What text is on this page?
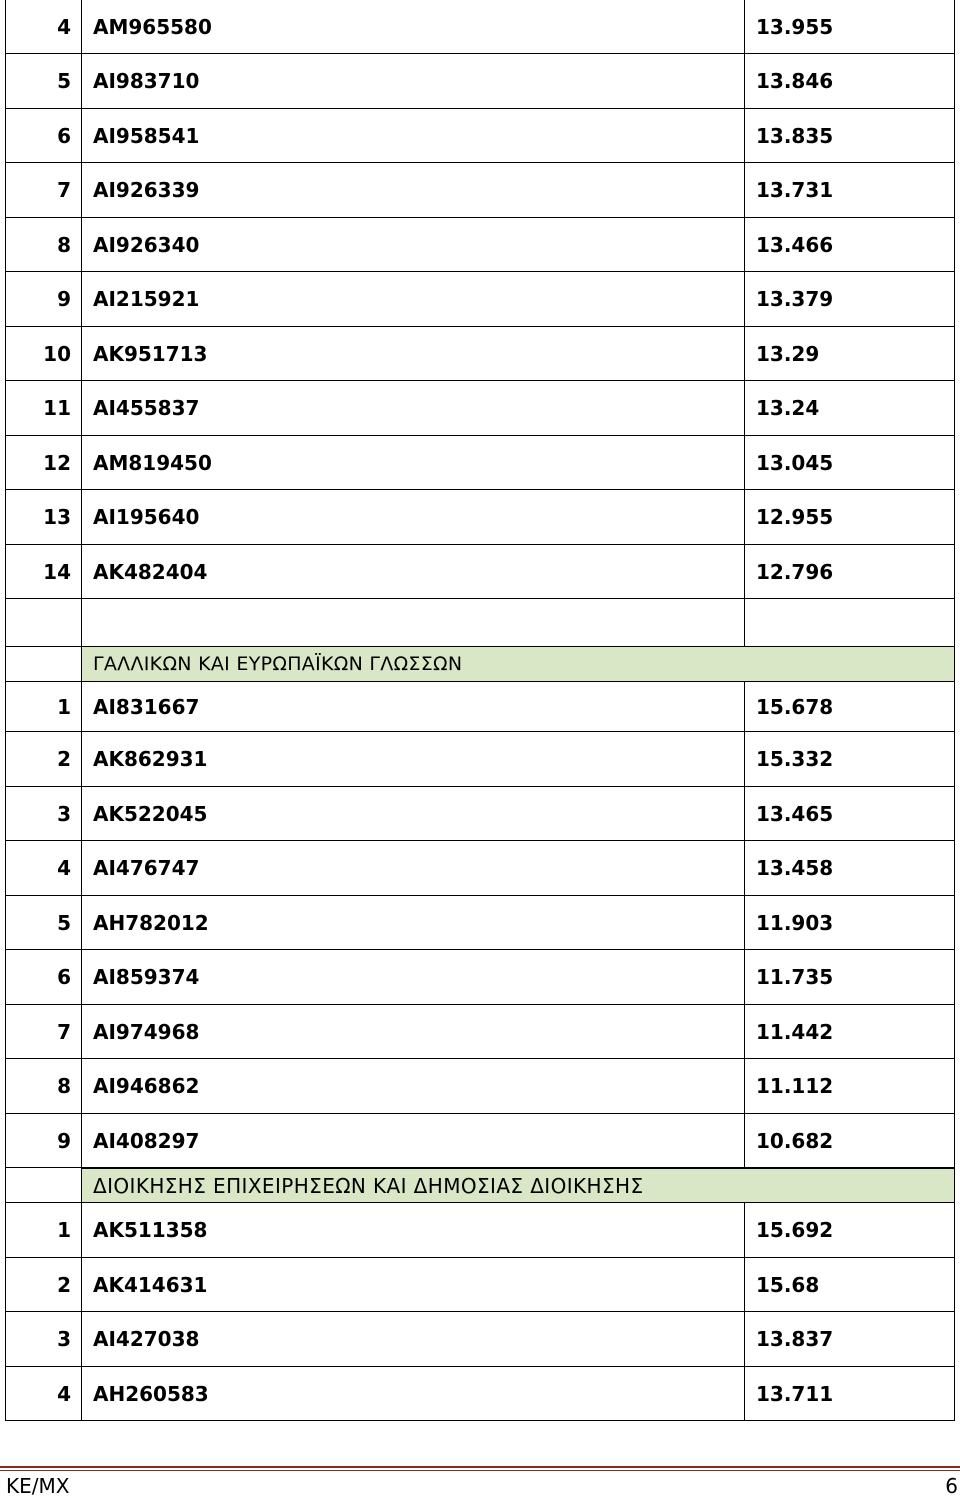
4	AM965580	13.955
5	AI983710	13.846
6	AI958541	13.835
7	AI926339	13.731
8	AI926340	13.466
9	AI215921	13.379
10	AK951713	13.29
11	AI455837	13.24
12	AM819450	13.045
13	AI195640	12.955
14	AK482404	12.796
ΓΑΛΛΙΚΩΝ ΚΑΙ ΕΥΡΩΠΑΪΚΩΝ ΓΛΩΣΣΩΝ
1	AI831667	15.678
2	AK862931	15.332
3	AK522045	13.465
4	AI476747	13.458
5	AH782012	11.903
6	AI859374	11.735
7	AI974968	11.442
8	AI946862	11.112
9	AI408297	10.682
ΔΙΟΙΚΗΣΗΣ ΕΠΙΧΕΙΡΗΣΕΩΝ ΚΑΙ ΔΗΜΟΣΙΑΣ ΔΙΟΙΚΗΣΗΣ
1	AK511358	15.692
2	AK414631	15.68
3	AI427038	13.837
4	AH260583	13.711
ΚΕ/ΜΧ	6
